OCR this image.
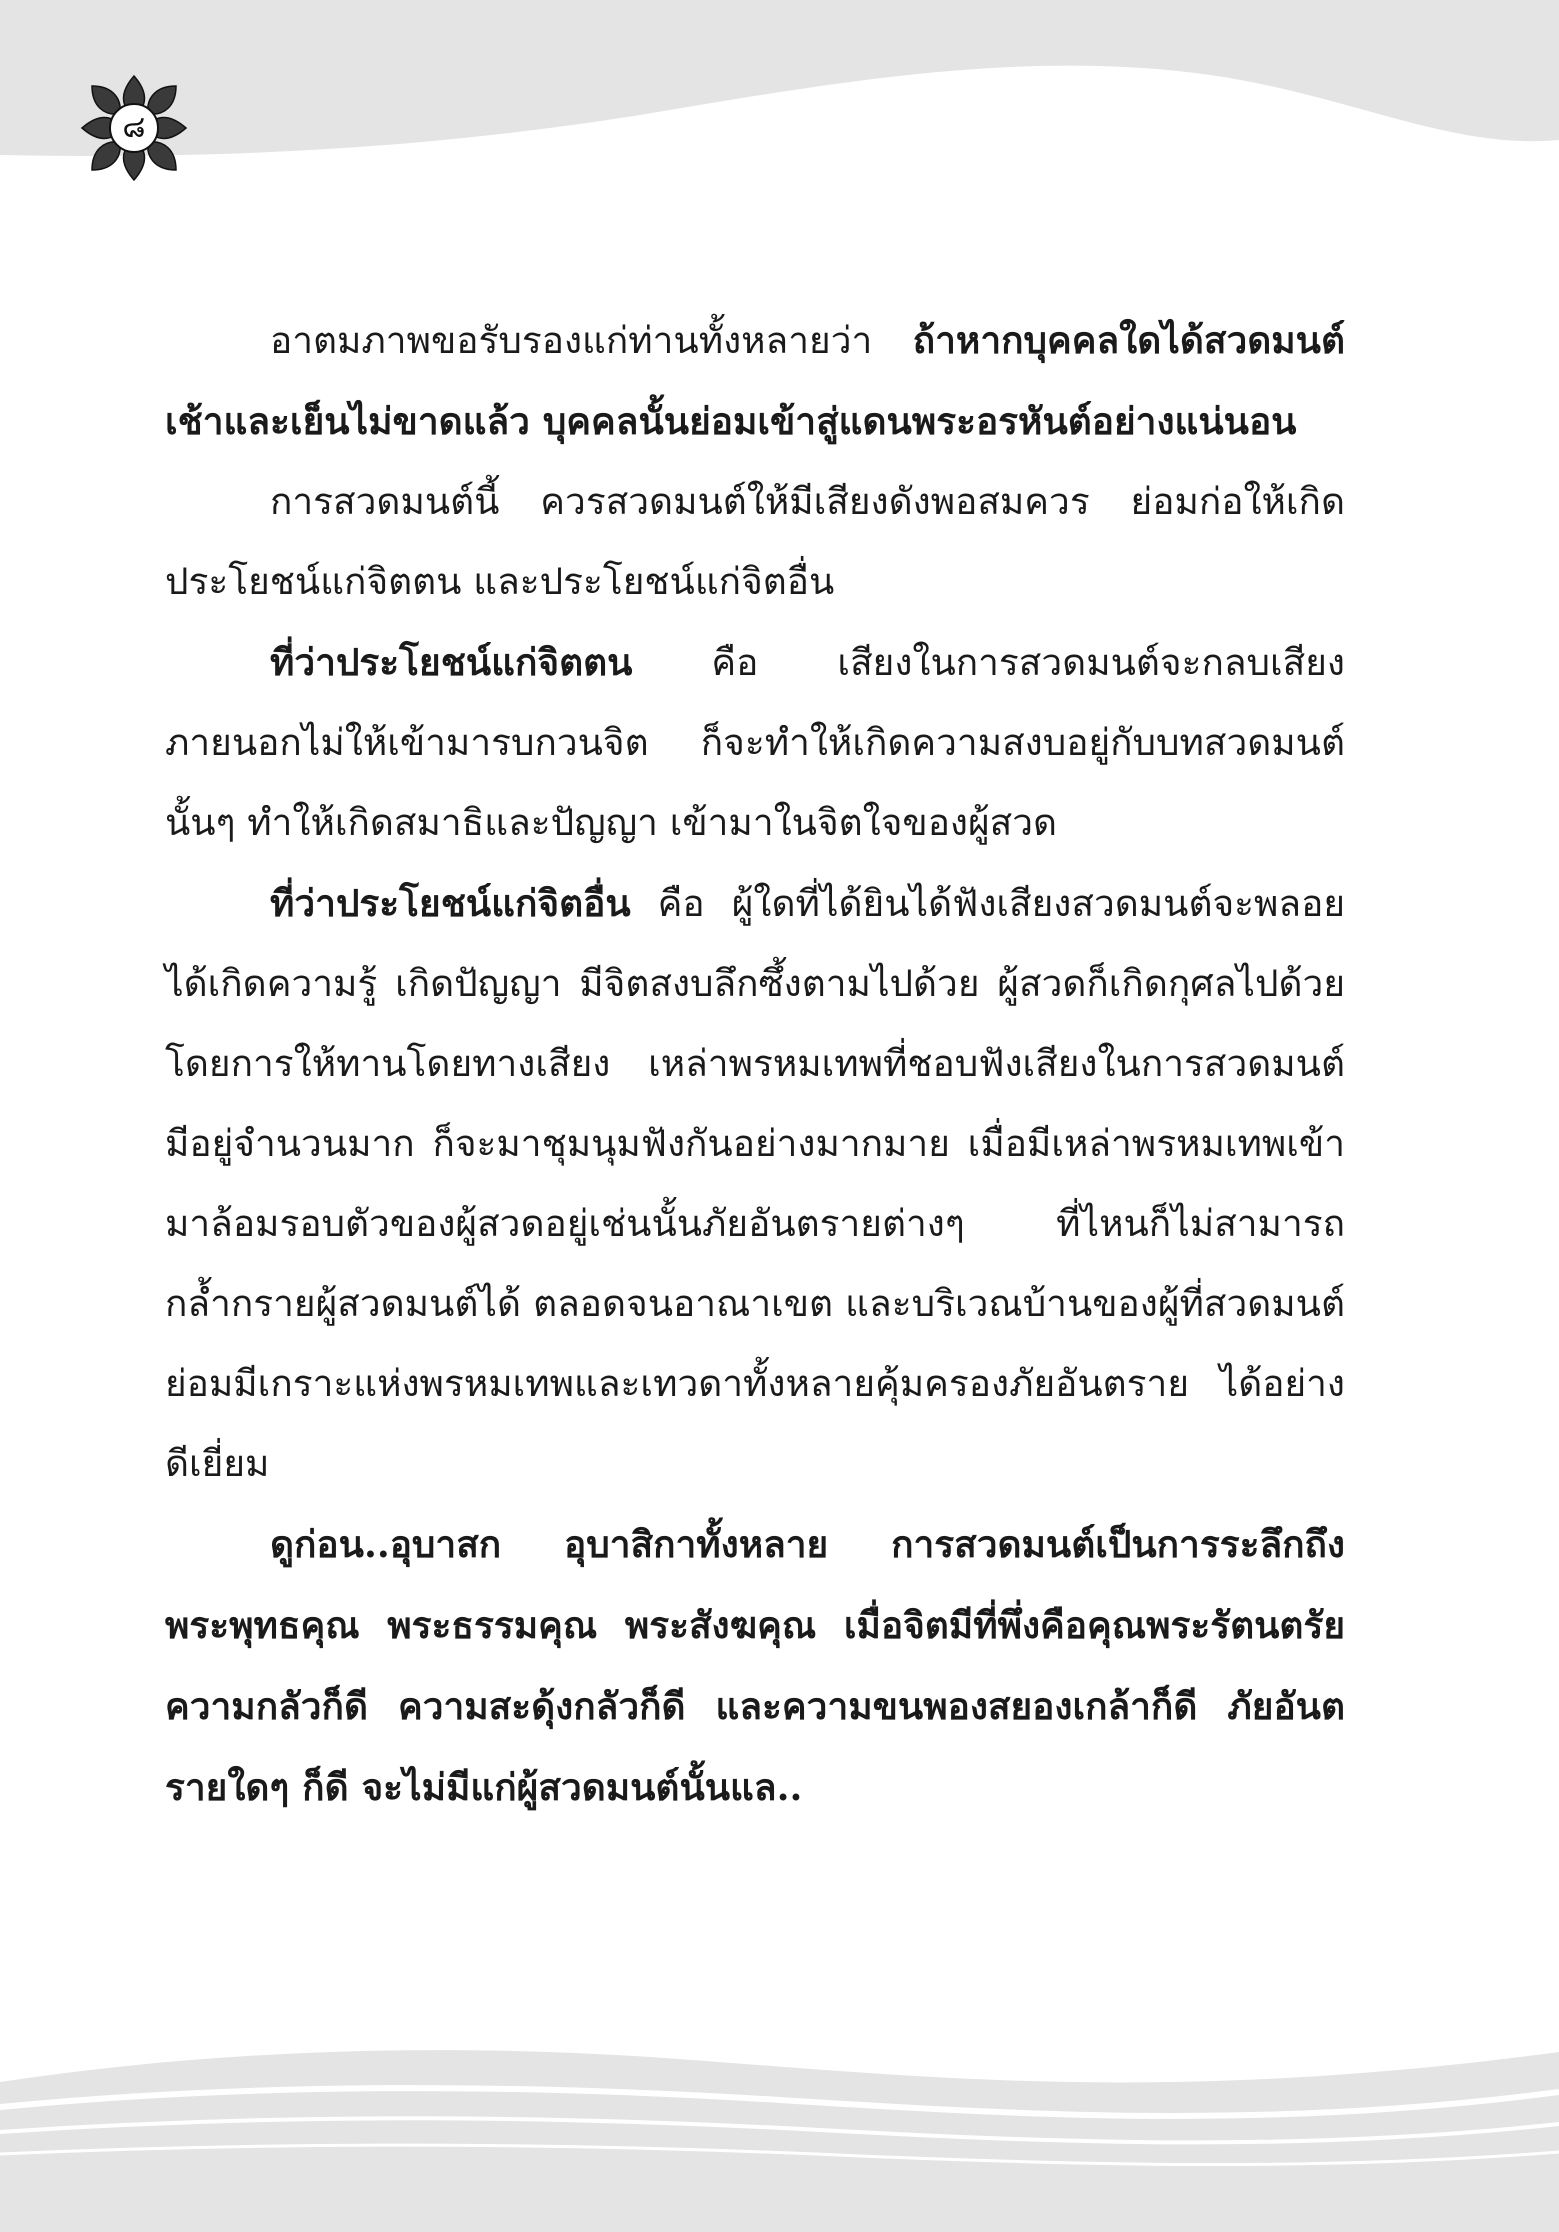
๘

อาตมภาพขอรับรองแก่ท่านทั้งหลายว่า ถ้าหากบุคคลใดได้สวดมนต์เช้าและเย็นไม่ขาดแล้ว บุคคลนั้นย่อมเข้าสู่แดนพระอรหันต์อย่างแน่นอน

การสวดมนต์นี้ ควรสวดมนต์ให้มีเสียงดังพอสมควร ย่อมก่อให้เกิดประโยชน์แก่จิตตน และประโยชน์แก่จิตอื่น

ที่ว่าประโยชน์แก่จิตตน คือ เสียงในการสวดมนต์จะกลบเสียงภายนอกไม่ให้เข้ามารบกวนจิต ก็จะทำให้เกิดความสงบอยู่กับบทสวดมนต์นั้นๆ ทำให้เกิดสมาธิและปัญญา เข้ามาในจิตใจของผู้สวด

ที่ว่าประโยชน์แก่จิตอื่น คือ ผู้ใดที่ได้ยินได้ฟังเสียงสวดมนต์จะพลอยได้เกิดความรู้ เกิดปัญญา มีจิตสงบลึกซึ้งตามไปด้วย ผู้สวดก็เกิดกุศลไปด้วยโดยการให้ทานโดยทางเสียง เหล่าพรหมเทพที่ชอบฟังเสียงในการสวดมนต์ มีอยู่จำนวนมาก ก็จะมาชุมนุมฟังกันอย่างมากมาย เมื่อมีเหล่าพรหมเทพเข้ามาล้อมรอบตัวของผู้สวดอยู่เช่นนั้นภัยอันตรายต่างๆ ที่ไหนก็ไม่สามารถกล้ำกรายผู้สวดมนต์ได้ ตลอดจนอาณาเขต และบริเวณบ้านของผู้ที่สวดมนต์ ย่อมมีเกราะแห่งพรหมเทพและเทวดาทั้งหลายคุ้มครองภัยอันตราย ได้อย่างดีเยี่ยม

ดูก่อน..อุบาสก อุบาสิกาทั้งหลาย การสวดมนต์เป็นการระลึกถึงพระพุทธคุณ พระธรรมคุณ พระสังฆคุณ เมื่อจิตมีที่พึ่งคือคุณพระรัตนตรัย ความกลัวก็ดี ความสะดุ้งกลัวก็ดี และความขนพองสยองเกล้าก็ดี ภัยอันตรายใดๆ ก็ดี จะไม่มีแก่ผู้สวดมนต์นั้นแล..
